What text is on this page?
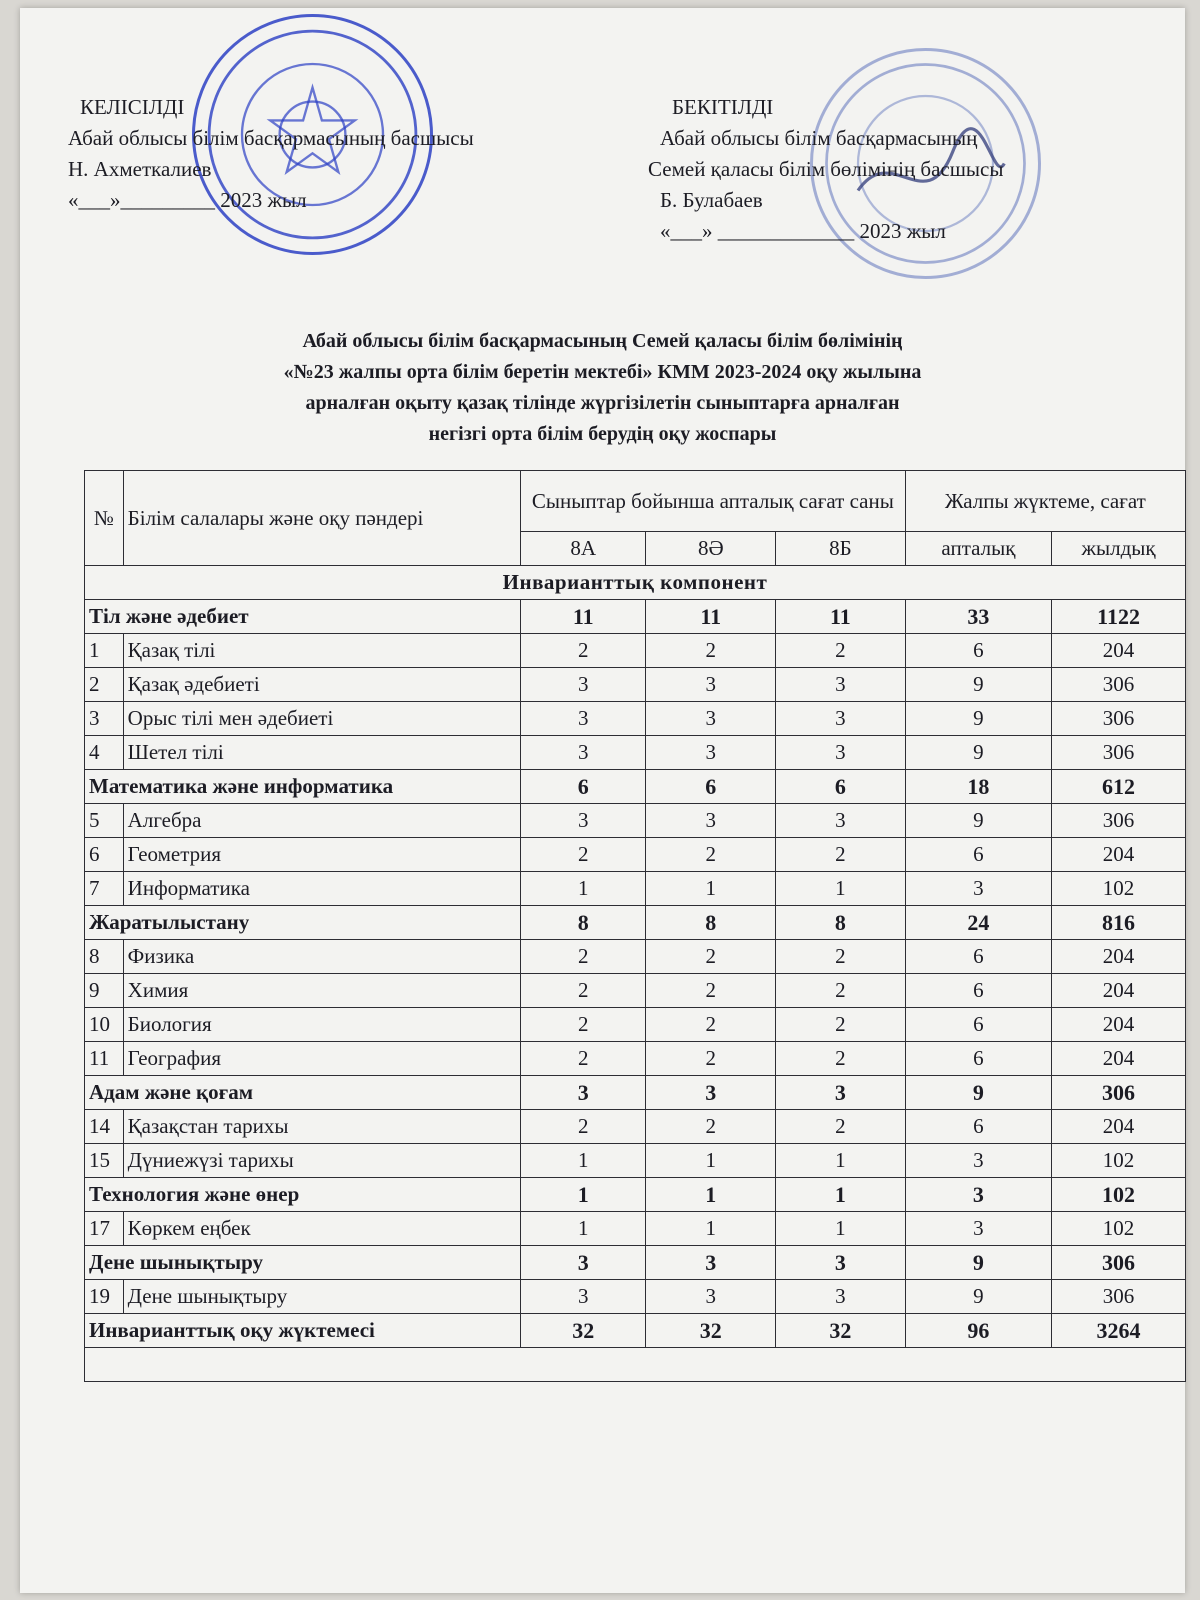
КЕЛІСІЛДІ
Абай облысы білім басқармасының басшысы
Н. Ахметкалиев
«___»_________ 2023 жыл
БЕКІТІЛДІ
Абай облысы білім басқармасының
Семей қаласы білім бөлімінің басшысы
Б. Булабаев
«___» _____________ 2023 жыл
Абай облысы білім басқармасының Семей қаласы білім бөлімінің
«№23 жалпы орта білім беретін мектебі» КММ 2023-2024 оқу жылына
арналған оқыту қазақ тілінде жүргізілетін сыныптарға арналған
негізгі орта білім берудің оқу жоспары
№	Білім салалары және оқу пәндері	Сыныптар бойынша апталық сағат саны			Жалпы жүктеме, сағат	
		8А	8Ә	8Б	апталық	жылдық
Инварианттық компонент						
Тіл және әдебиет		11	11	11	33	1122
1	Қазақ тілі	2	2	2	6	204
2	Қазақ әдебиеті	3	3	3	9	306
3	Орыс тілі мен әдебиеті	3	3	3	9	306
4	Шетел тілі	3	3	3	9	306
Математика және информатика		6	6	6	18	612
5	Алгебра	3	3	3	9	306
6	Геометрия	2	2	2	6	204
7	Информатика	1	1	1	3	102
Жаратылыстану		8	8	8	24	816
8	Физика	2	2	2	6	204
9	Химия	2	2	2	6	204
10	Биология	2	2	2	6	204
11	География	2	2	2	6	204
Адам және қоғам		3	3	3	9	306
14	Қазақстан тарихы	2	2	2	6	204
15	Дүниежүзі тарихы	1	1	1	3	102
Технология және өнер		1	1	1	3	102
17	Көркем еңбек	1	1	1	3	102
Дене шынықтыру		3	3	3	9	306
19	Дене шынықтыру	3	3	3	9	306
Инварианттық оқу жүктемесі		32	32	32	96	3264
